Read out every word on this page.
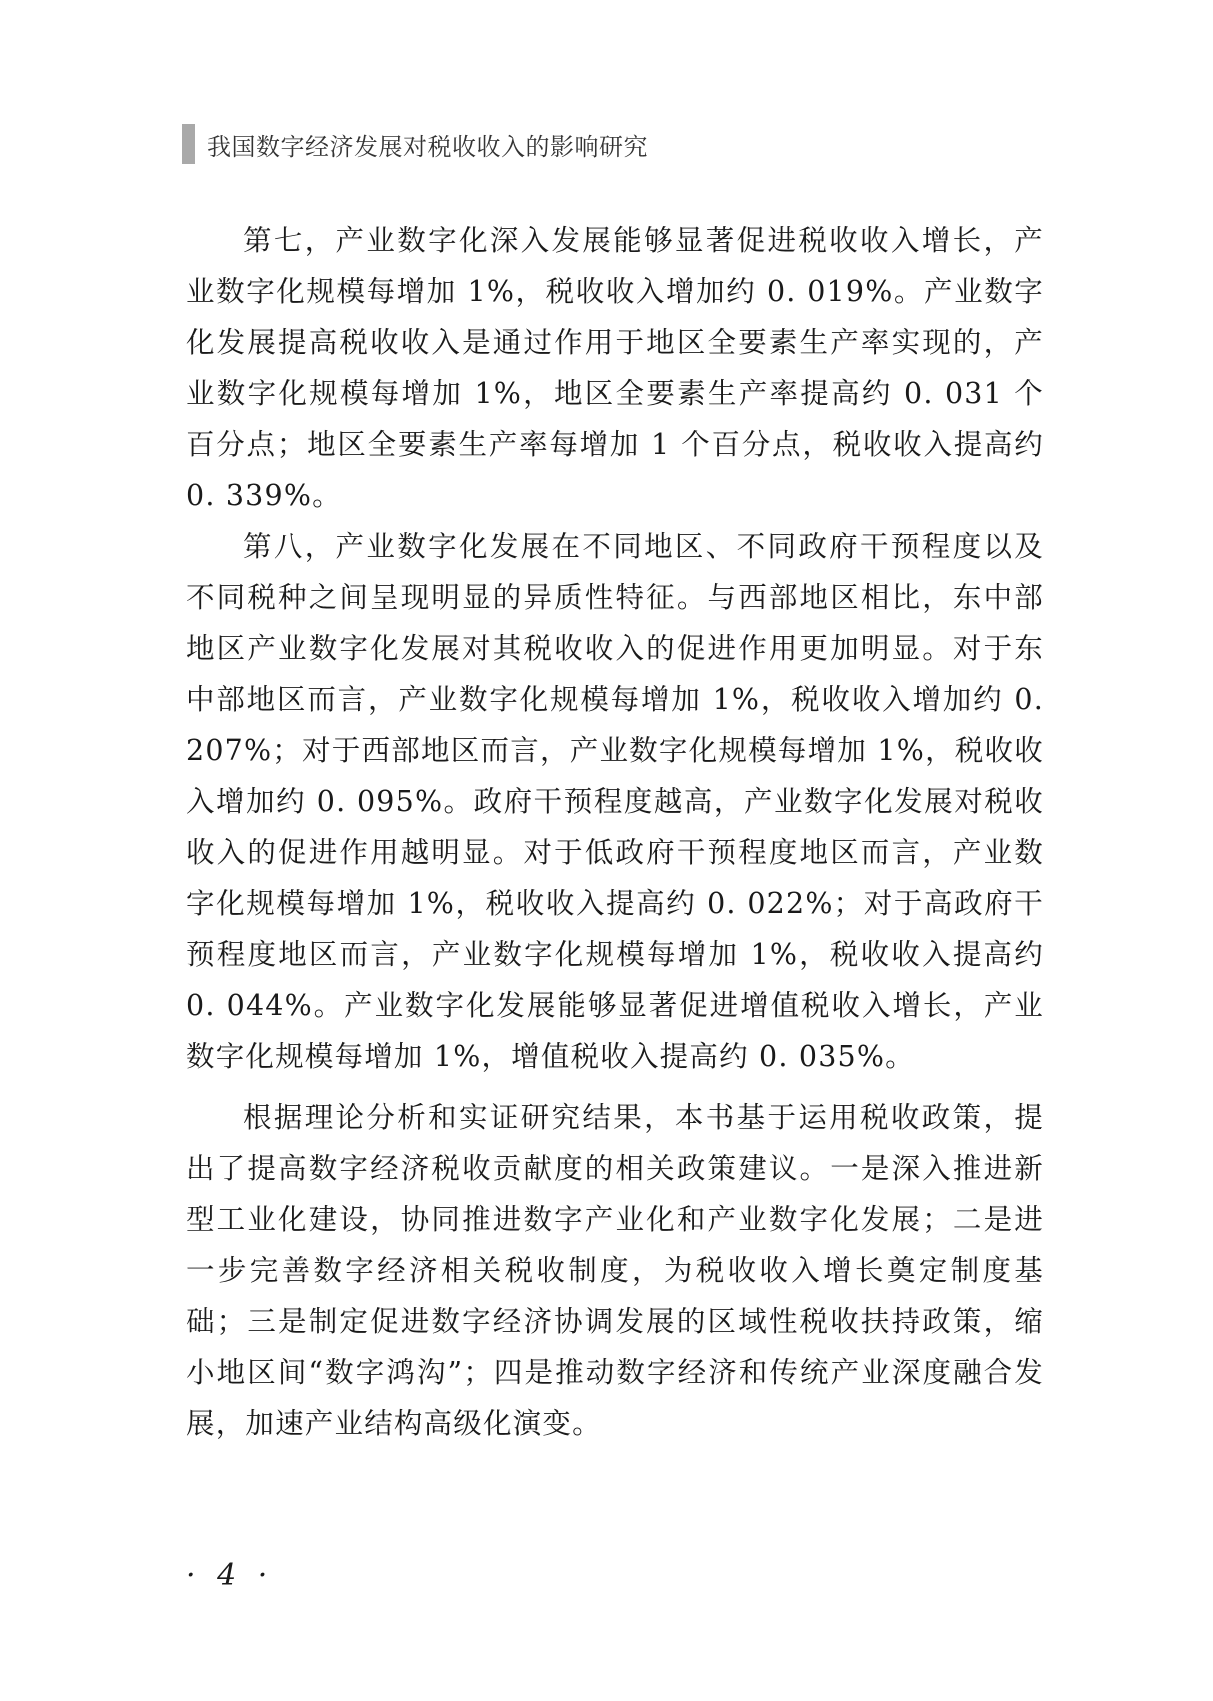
我国数字经济发展对税收收入的影响研究

第七，产业数字化深入发展能够显著促进税收收入增长，产业数字化规模每增加 1%，税收收入增加约 0. 019%。产业数字化发展提高税收收入是通过作用于地区全要素生产率实现的，产业数字化规模每增加 1%，地区全要素生产率提高约 0. 031 个百分点；地区全要素生产率每增加 1 个百分点，税收收入提高约 0. 339%。

第八，产业数字化发展在不同地区、不同政府干预程度以及不同税种之间呈现明显的异质性特征。与西部地区相比，东中部地区产业数字化发展对其税收收入的促进作用更加明显。对于东中部地区而言，产业数字化规模每增加 1%，税收收入增加约 0. 207%；对于西部地区而言，产业数字化规模每增加 1%，税收收入增加约 0. 095%。政府干预程度越高，产业数字化发展对税收收入的促进作用越明显。对于低政府干预程度地区而言，产业数字化规模每增加 1%，税收收入提高约 0. 022%；对于高政府干预程度地区而言，产业数字化规模每增加 1%，税收收入提高约 0. 044%。产业数字化发展能够显著促进增值税收入增长，产业数字化规模每增加 1%，增值税收入提高约 0. 035%。

根据理论分析和实证研究结果，本书基于运用税收政策，提出了提高数字经济税收贡献度的相关政策建议。一是深入推进新型工业化建设，协同推进数字产业化和产业数字化发展；二是进一步完善数字经济相关税收制度，为税收收入增长奠定制度基础；三是制定促进数字经济协调发展的区域性税收扶持政策，缩小地区间“数字鸿沟”；四是推动数字经济和传统产业深度融合发展，加速产业结构高级化演变。

· 4 ·
